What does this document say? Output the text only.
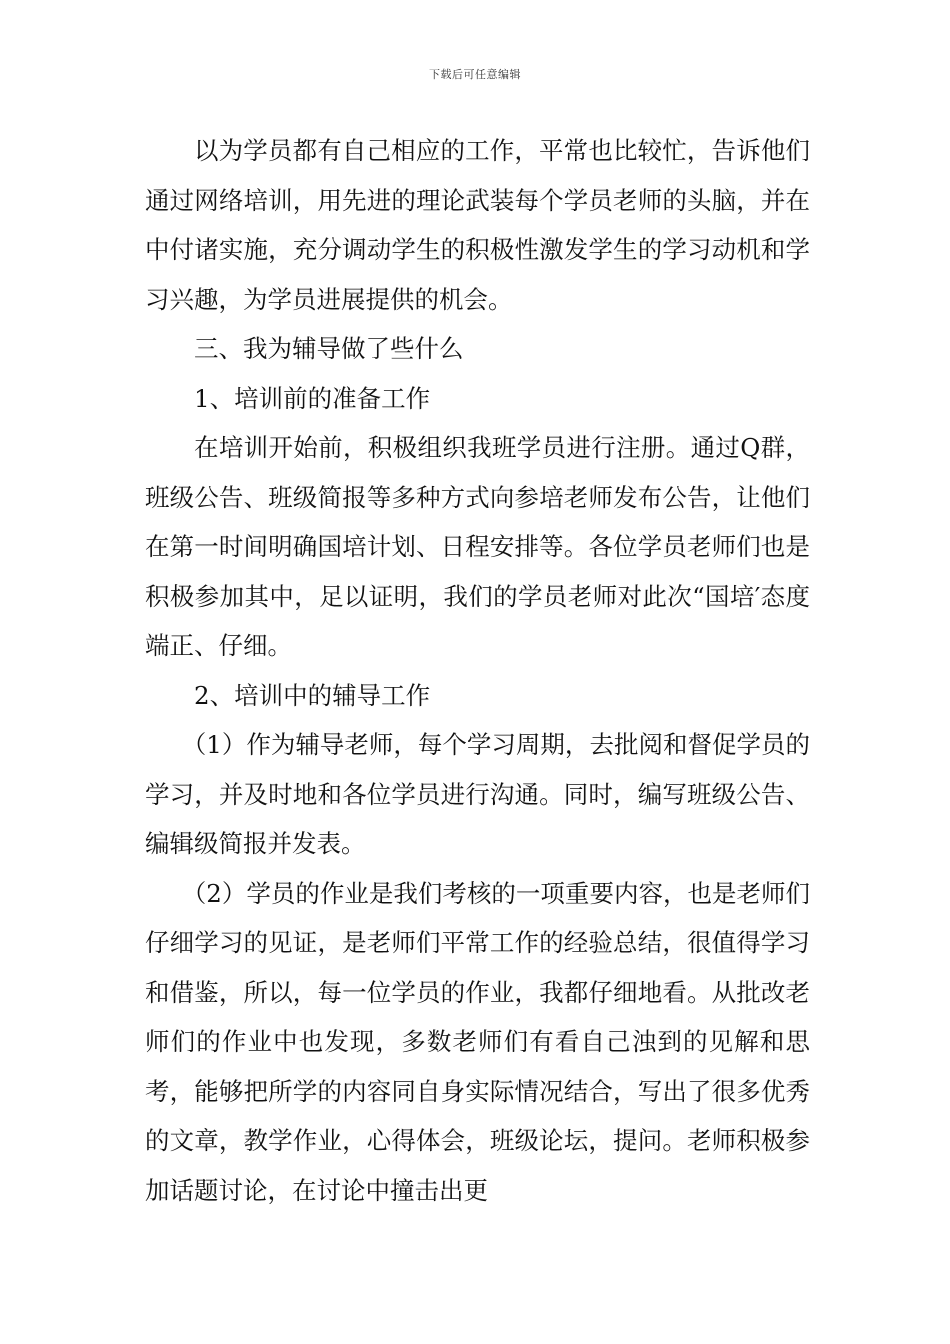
下载后可任意编辑

以为学员都有自己相应的工作，平常也比较忙，告诉他们通过网络培训，用先进的理论武装每个学员老师的头脑，并在中付诸实施，充分调动学生的积极性激发学生的学习动机和学习兴趣，为学员进展提供的机会。

三、我为辅导做了些什么

1、培训前的准备工作

在培训开始前，积极组织我班学员进行注册。通过Q群，班级公告、班级简报等多种方式向参培老师发布公告，让他们在第一时间明确国培计划、日程安排等。各位学员老师们也是积极参加其中，足以证明，我们的学员老师对此次“国培′态度端正、仔细。

2、培训中的辅导工作

（1）作为辅导老师，每个学习周期，去批阅和督促学员的学习，并及时地和各位学员进行沟通。同时，编写班级公告、编辑级简报并发表。

（2）学员的作业是我们考核的一项重要内容，也是老师们仔细学习的见证，是老师们平常工作的经验总结，很值得学习和借鉴，所以，每一位学员的作业，我都仔细地看。从批改老师们的作业中也发现，多数老师们有看自己浊到的见解和思考，能够把所学的内容同自身实际情况结合，写出了很多优秀的文章，教学作业，心得体会，班级论坛，提问。老师积极参加话题讨论，在讨论中撞击出更
